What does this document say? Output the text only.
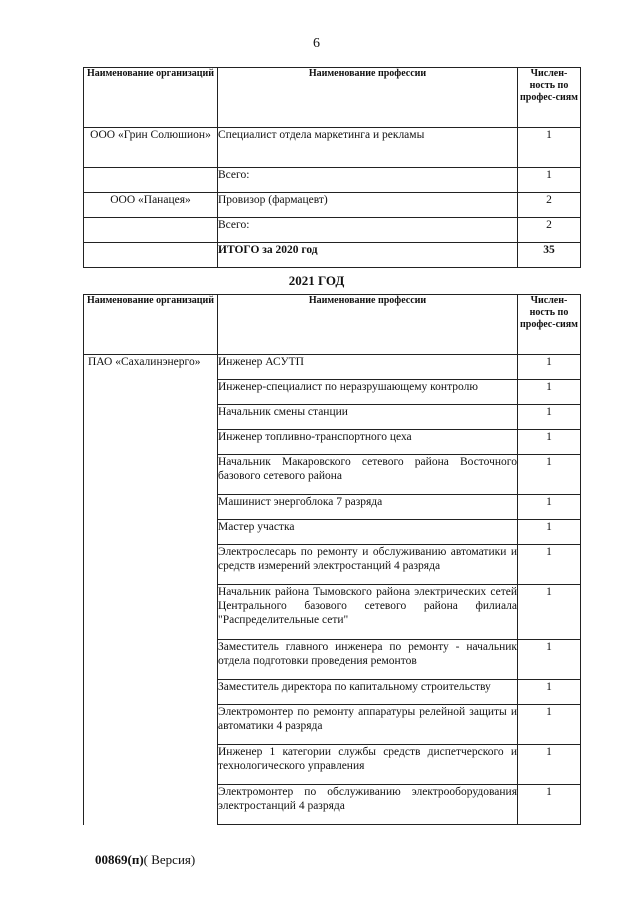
6
Наименование организаций	Наименование профессии	Числен-ность по профес-сиям
ООО «Грин Солюшион»	Специалист отдела маркетинга и рекламы	1
	Всего:	1
ООО «Панацея»	Провизор (фармацевт)	2
	Всего:	2
	ИТОГО за 2020 год	35
2021 ГОД
Наименование организаций	Наименование профессии	Числен-ность по профес-сиям
ПАО «Сахалинэнерго»	Инженер АСУТП	1
	Инженер-специалист по неразрушающему контролю	1
	Начальник смены станции	1
	Инженер топливно-транспортного цеха	1
	Начальник Макаровского сетевого района Восточного базового сетевого района	1
	Машинист энергоблока 7 разряда	1
	Мастер участка	1
	Электрослесарь по ремонту и обслуживанию автоматики и средств измерений электростанций 4 разряда	1
	Начальник района Тымовского района электрических сетей Центрального базового сетевого района филиала "Распределительные сети"	1
	Заместитель главного инженера по ремонту - начальник отдела подготовки проведения ремонтов	1
	Заместитель директора по капитальному строительству	1
	Электромонтер по ремонту аппаратуры релейной защиты и автоматики 4 разряда	1
	Инженер 1 категории службы средств диспетчерского и технологического управления	1
	Электромонтер по обслуживанию электрооборудования электростанций 4 разряда	1
00869(п)( Версия)
